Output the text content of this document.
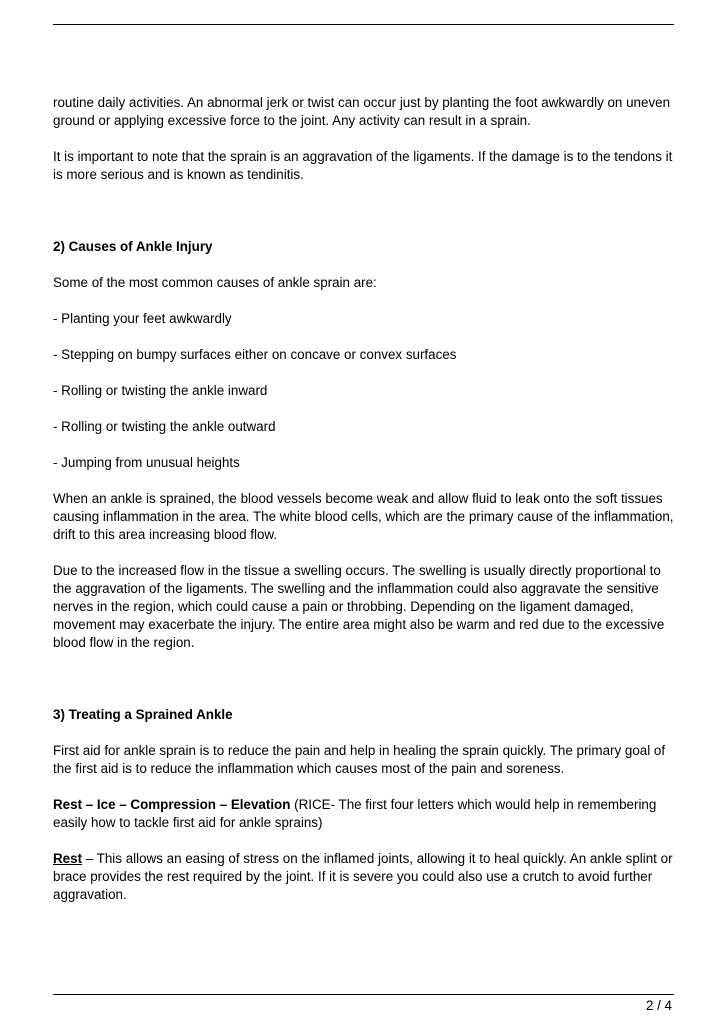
routine daily activities. An abnormal jerk or twist can occur just by planting the foot awkwardly on uneven ground or applying excessive force to the joint. Any activity can result in a sprain.

It is important to note that the sprain is an aggravation of the ligaments. If the damage is to the tendons it is more serious and is known as tendinitis.

2) Causes of Ankle Injury

Some of the most common causes of ankle sprain are:

- Planting your feet awkwardly

- Stepping on bumpy surfaces either on concave or convex surfaces

- Rolling or twisting the ankle inward

- Rolling or twisting the ankle outward

- Jumping from unusual heights

When an ankle is sprained, the blood vessels become weak and allow fluid to leak onto the soft tissues causing inflammation in the area. The white blood cells, which are the primary cause of the inflammation, drift to this area increasing blood flow.

Due to the increased flow in the tissue a swelling occurs. The swelling is usually directly proportional to the aggravation of the ligaments. The swelling and the inflammation could also aggravate the sensitive nerves in the region, which could cause a pain or throbbing. Depending on the ligament damaged, movement may exacerbate the injury. The entire area might also be warm and red due to the excessive blood flow in the region.

3) Treating a Sprained Ankle

First aid for ankle sprain is to reduce the pain and help in healing the sprain quickly. The primary goal of the first aid is to reduce the inflammation which causes most of the pain and soreness.

Rest – Ice – Compression – Elevation (RICE- The first four letters which would help in remembering easily how to tackle first aid for ankle sprains)

Rest – This allows an easing of stress on the inflamed joints, allowing it to heal quickly. An ankle splint or brace provides the rest required by the joint. If it is severe you could also use a crutch to avoid further aggravation.

2 / 4
